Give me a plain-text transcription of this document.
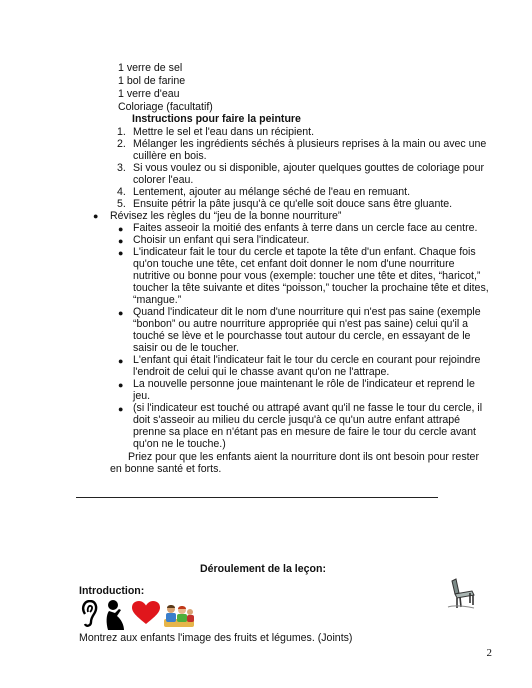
1 verre de sel
1 bol de farine
1 verre d'eau
Coloriage (facultatif)
Instructions pour faire la peinture
1. Mettre le sel et l'eau dans un récipient.
2. Mélanger les ingrédients séchés à plusieurs reprises à la main ou avec une
cuillère en bois.
3. Si vous voulez ou si disponible, ajouter quelques gouttes de coloriage pour
colorer l'eau.
4. Lentement, ajouter au mélange séché de l'eau en remuant.
5. Ensuite pétrir la pâte jusqu'à ce qu'elle soit douce sans être gluante.
● Révisez les règles du “jeu de la bonne nourriture”
● Faites asseoir la moitié des enfants à terre dans un cercle face au centre.
● Choisir un enfant qui sera l'indicateur.
● L'indicateur fait le tour du cercle et tapote la tête d'un enfant. Chaque fois
qu'on touche une tête, cet enfant doit donner le nom d'une nourriture
nutritive ou bonne pour vous (exemple: toucher une tête et dites, “haricot,”
toucher la tête suivante et dites “poisson,” toucher la prochaine tête et dites,
“mangue.”
● Quand l'indicateur dit le nom d'une nourriture qui n'est pas saine (exemple
“bonbon” ou autre nourriture appropriée qui n'est pas saine) celui qu'il a
touché se lève et le pourchasse tout autour du cercle, en essayant de le
saisir ou de le toucher.
● L'enfant qui était l'indicateur fait le tour du cercle en courant pour rejoindre
l'endroit de celui qui le chasse avant qu'on ne l'attrape.
● La nouvelle personne joue maintenant le rôle de l'indicateur et reprend le
jeu.
● (si l'indicateur est touché ou attrapé avant qu'il ne fasse le tour du cercle, il
doit s'asseoir au milieu du cercle jusqu'à ce qu'un autre enfant attrapé
prenne sa place en n'étant pas en mesure de faire le tour du cercle avant
qu'on ne le touche.)
Priez pour que les enfants aient la nourriture dont ils ont besoin pour rester
en bonne santé et forts.
Déroulement de la leçon:
Introduction:
Montrez aux enfants l'image des fruits et légumes. (Joints)
2
